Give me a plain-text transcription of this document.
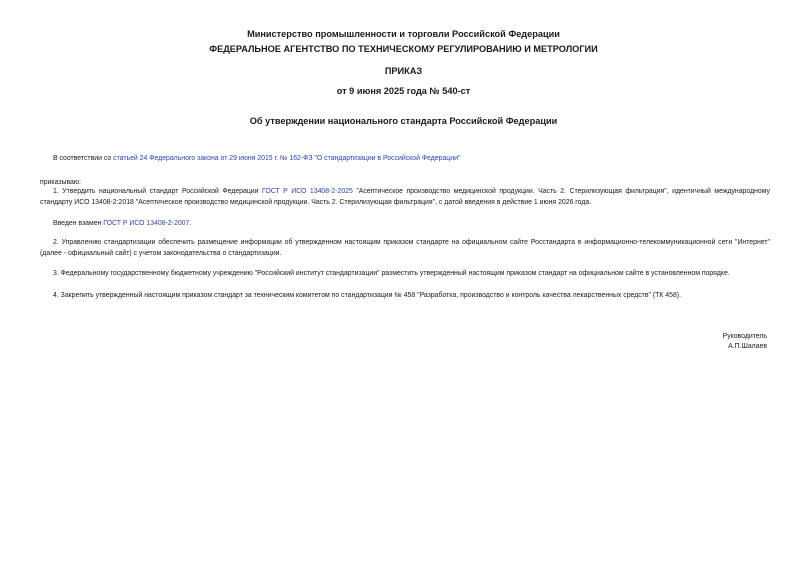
Министерство промышленности и торговли Российской Федерации
ФЕДЕРАЛЬНОЕ АГЕНТСТВО ПО ТЕХНИЧЕСКОМУ РЕГУЛИРОВАНИЮ И МЕТРОЛОГИИ
ПРИКАЗ
от 9 июня 2025 года № 540-ст
Об утверждении национального стандарта Российской Федерации
В соответствии со статьей 24 Федерального закона от 29 июня 2015 г. № 162-ФЗ "О стандартизации в Российской Федерации"
приказываю:
1. Утвердить национальный стандарт Российской Федерации ГОСТ Р ИСО 13408-2-2025 "Асептическое производство медицинской продукции. Часть 2. Стерилизующая фильтрация", идентичный международному стандарту ИСО 13408-2:2018 "Асептическое производство медицинской продукции. Часть 2. Стерилизующая фильтрация", с датой введения в действие 1 июня 2026 года.
Введен взамен ГОСТ Р ИСО 13408-2-2007.
2. Управлению стандартизации обеспечить размещение информации об утвержденном настоящим приказом стандарте на официальном сайте Росстандарта в информационно-телекоммуникационной сети "Интернет" (далее - официальный сайт) с учетом законодательства о стандартизации.
3. Федеральному государственному бюджетному учреждению "Российский институт стандартизации" разместить утвержденный настоящим приказом стандарт на официальном сайте в установленном порядке.
4. Закрепить утвержденный настоящим приказом стандарт за техническим комитетом по стандартизации № 458 "Разработка, производство и контроль качества лекарственных средств" (ТК 458).
Руководитель
А.П.Шалаев
